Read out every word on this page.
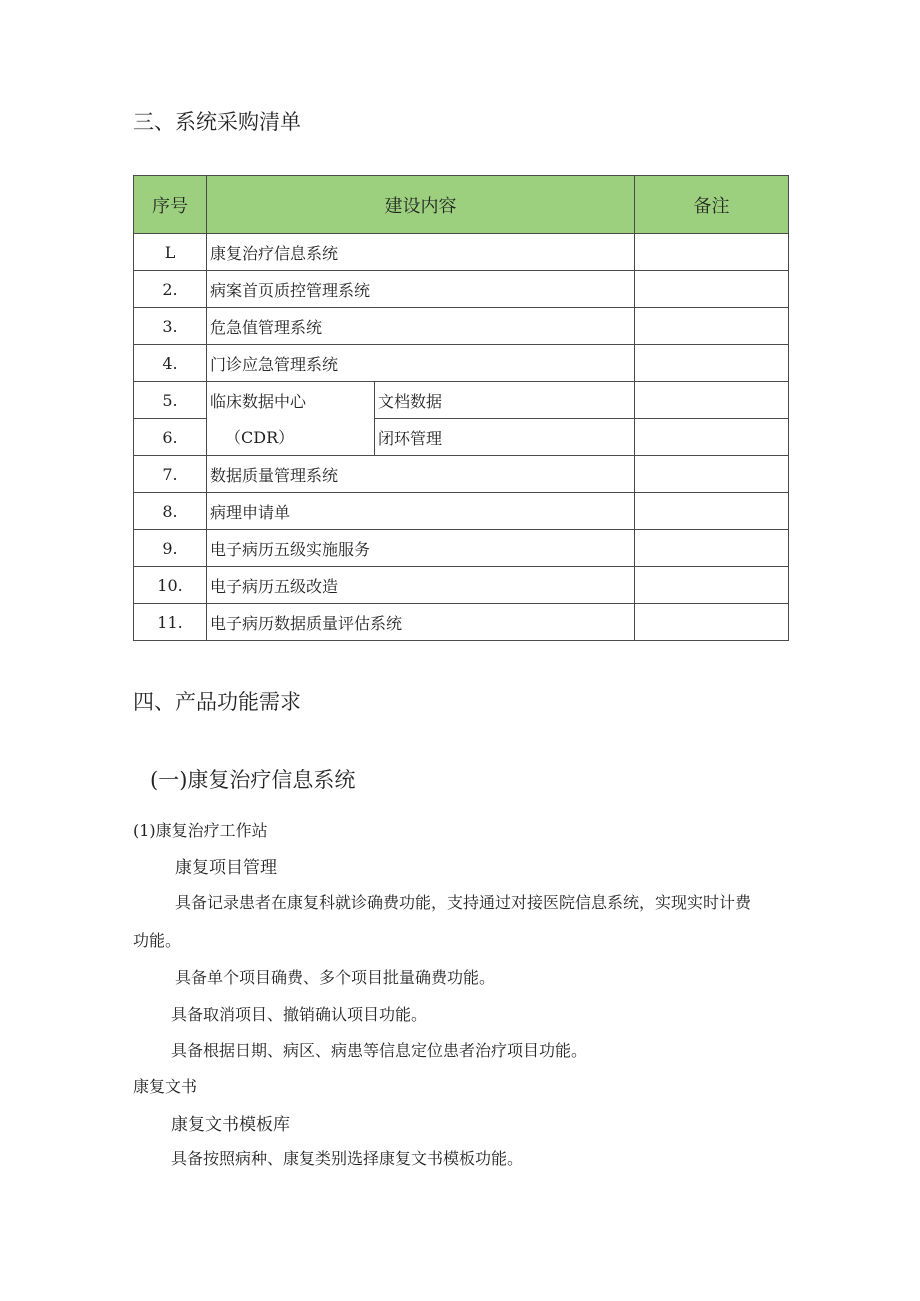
三、系统采购清单
序号	建设内容		备注
L	康复治疗信息系统		
2.	病案首页质控管理系统		
3.	危急值管理系统		
4.	门诊应急管理系统		
5.	临床数据中心	文档数据	
6.	（CDR）	闭环管理	
7.	数据质量管理系统		
8.	病理申请单		
9.	电子病历五级实施服务		
10.	电子病历五级改造		
11.	电子病历数据质量评估系统		
四、产品功能需求
(一)康复治疗信息系统
(1)康复治疗工作站
康复项目管理
具备记录患者在康复科就诊确费功能，支持通过对接医院信息系统，实现实时计费
功能。
具备单个项目确费、多个项目批量确费功能。
具备取消项目、撤销确认项目功能。
具备根据日期、病区、病患等信息定位患者治疗项目功能。
康复文书
康复文书模板库
具备按照病种、康复类别选择康复文书模板功能。
